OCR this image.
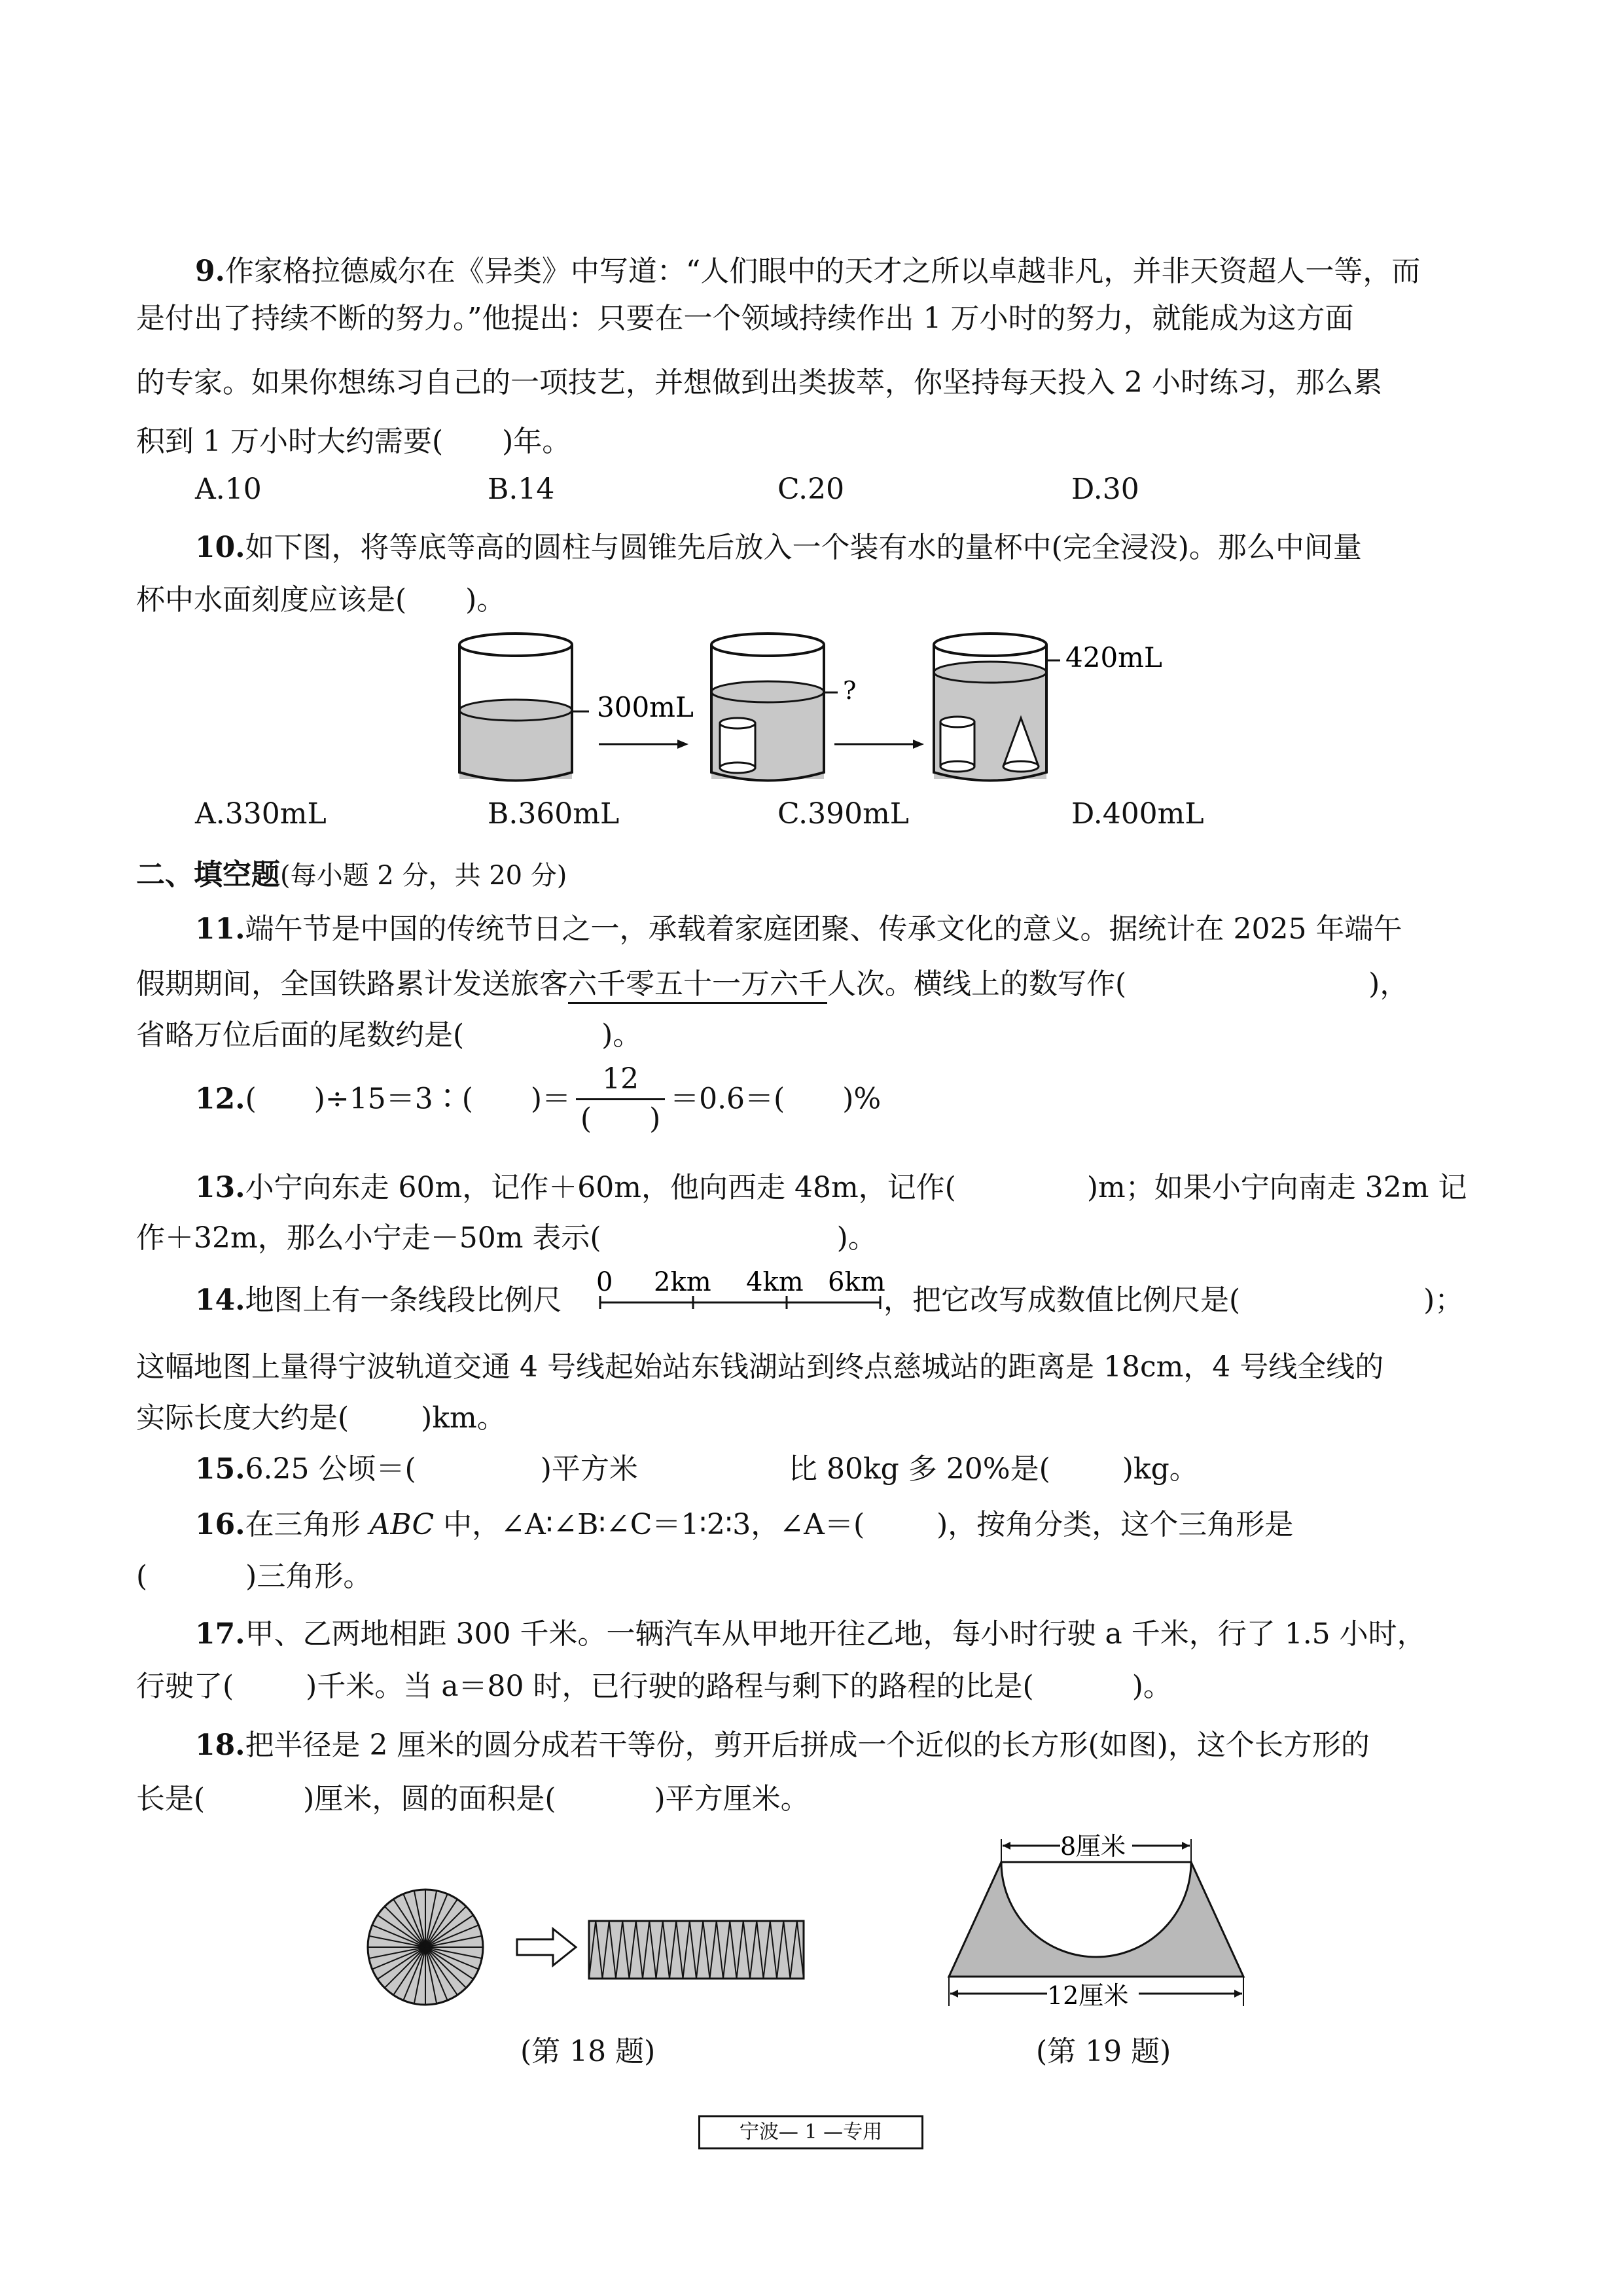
9.作家格拉德威尔在《异类》中写道：“人们眼中的天才之所以卓越非凡，并非天资超人一等，而
是付出了持续不断的努力。”他提出：只要在一个领域持续作出 1 万小时的努力，就能成为这方面
的专家。如果你想练习自己的一项技艺，并想做到出类拔萃，你坚持每天投入 2 小时练习，那么累
积到 1 万小时大约需要( )年。
A.10	B.14	C.20	D.30
10.如下图，将等底等高的圆柱与圆锥先后放入一个装有水的量杯中(完全浸没)。那么中间量
杯中水面刻度应该是( )。
300mL
?
420mL
A.330mL	B.360mL	C.390mL	D.400mL
二、填空题(每小题 2 分，共 20 分)
11.端午节是中国的传统节日之一，承载着家庭团聚、传承文化的意义。据统计在 2025 年端午
假期期间，全国铁路累计发送旅客六千零五十一万六千人次。横线上的数写作(	)，
省略万位后面的尾数约是(	)。
12.(　　)÷15＝3∶(　　)＝ $\frac{12}{( )} =0.6=$(　　)%
13.小宁向东走 60m，记作＋60m，他向西走 48m，记作(	)m；如果小宁向南走 32m 记
作＋32m，那么小宁走－50m 表示(	)。
14.地图上有一条线段比例尺
0 2km 4km 6km
，把它改写成数值比例尺是(	)；
这幅地图上量得宁波轨道交通 4 号线起始站东钱湖站到终点慈城站的距离是 18cm，4 号线全线的
实际长度大约是(	)km。
15.6.25 公顷＝(	)平方米	比 80kg 多 20%是(	)kg。
16.在三角形 ABC 中，∠A∶∠B∶∠C＝1∶2∶3，∠A＝(	)，按角分类，这个三角形是
(	)三角形。
17.甲、乙两地相距 300 千米。一辆汽车从甲地开往乙地，每小时行驶 a 千米，行了 1.5 小时，
行驶了(	)千米。当 a＝80 时，已行驶的路程与剩下的路程的比是(	)。
18.把半径是 2 厘米的圆分成若干等份，剪开后拼成一个近似的长方形(如图)，这个长方形的
长是(	)厘米，圆的面积是(	)平方厘米。
(第 18 题)
8厘米
12厘米
(第 19 题)
宁波— 1 —专用
